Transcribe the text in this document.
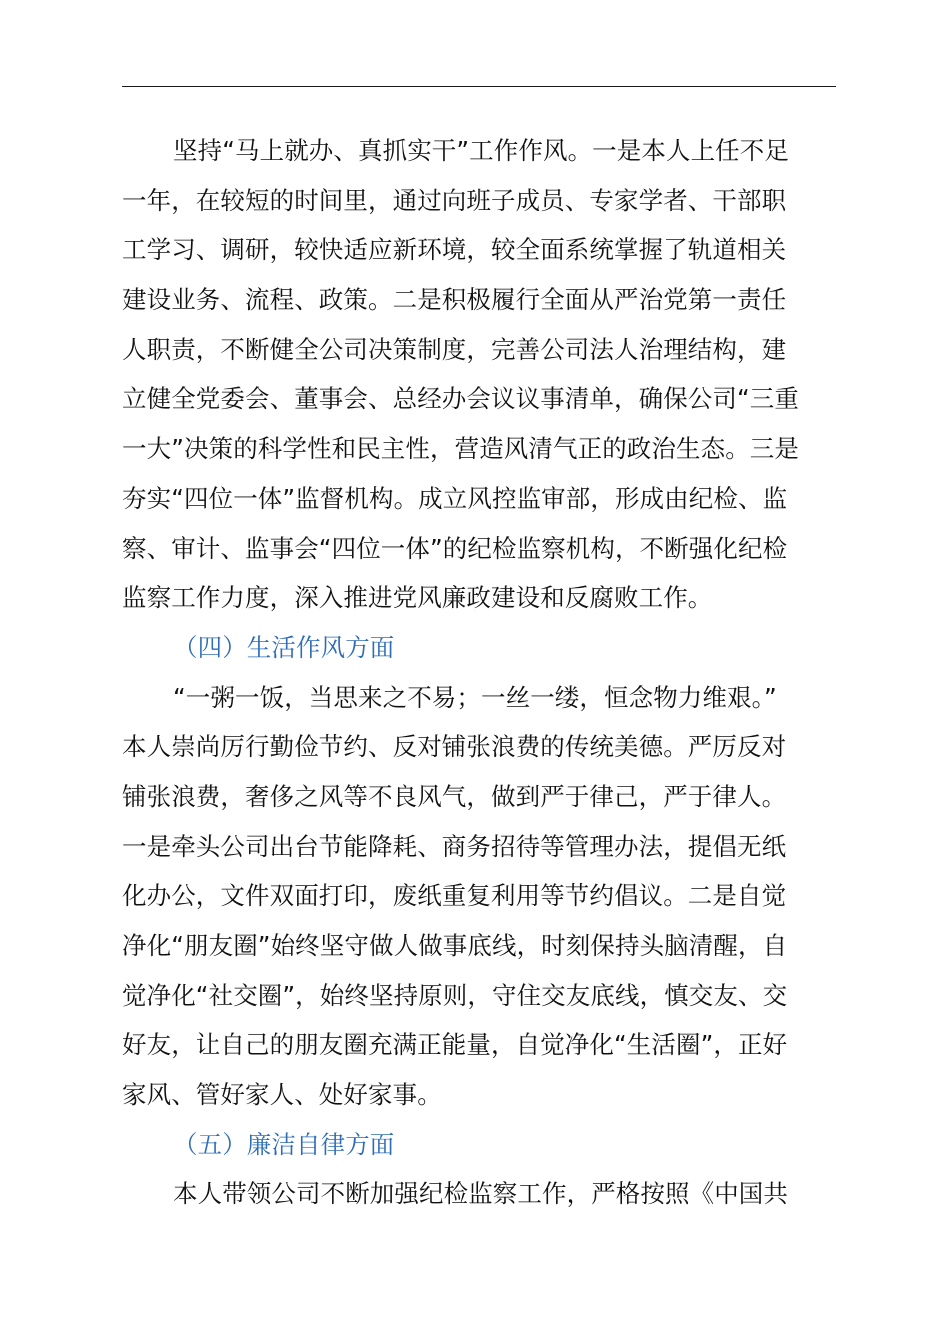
坚持“马上就办、真抓实干”工作作风。一是本人上任不足
一年，在较短的时间里，通过向班子成员、专家学者、干部职
工学习、调研，较快适应新环境，较全面系统掌握了轨道相关
建设业务、流程、政策。二是积极履行全面从严治党第一责任
人职责，不断健全公司决策制度，完善公司法人治理结构，建
立健全党委会、董事会、总经办会议议事清单，确保公司“三重
一大”决策的科学性和民主性，营造风清气正的政治生态。三是
夯实“四位一体”监督机构。成立风控监审部，形成由纪检、监
察、审计、监事会“四位一体”的纪检监察机构，不断强化纪检
监察工作力度，深入推进党风廉政建设和反腐败工作。
（四）生活作风方面
“一粥一饭，当思来之不易；一丝一缕，恒念物力维艰。”
本人崇尚厉行勤俭节约、反对铺张浪费的传统美德。严厉反对
铺张浪费，奢侈之风等不良风气，做到严于律己，严于律人。
一是牵头公司出台节能降耗、商务招待等管理办法，提倡无纸
化办公，文件双面打印，废纸重复利用等节约倡议。二是自觉
净化“朋友圈”始终坚守做人做事底线，时刻保持头脑清醒，自
觉净化“社交圈”，始终坚持原则，守住交友底线，慎交友、交
好友，让自己的朋友圈充满正能量，自觉净化“生活圈”，正好
家风、管好家人、处好家事。
（五）廉洁自律方面
本人带领公司不断加强纪检监察工作，严格按照《中国共
